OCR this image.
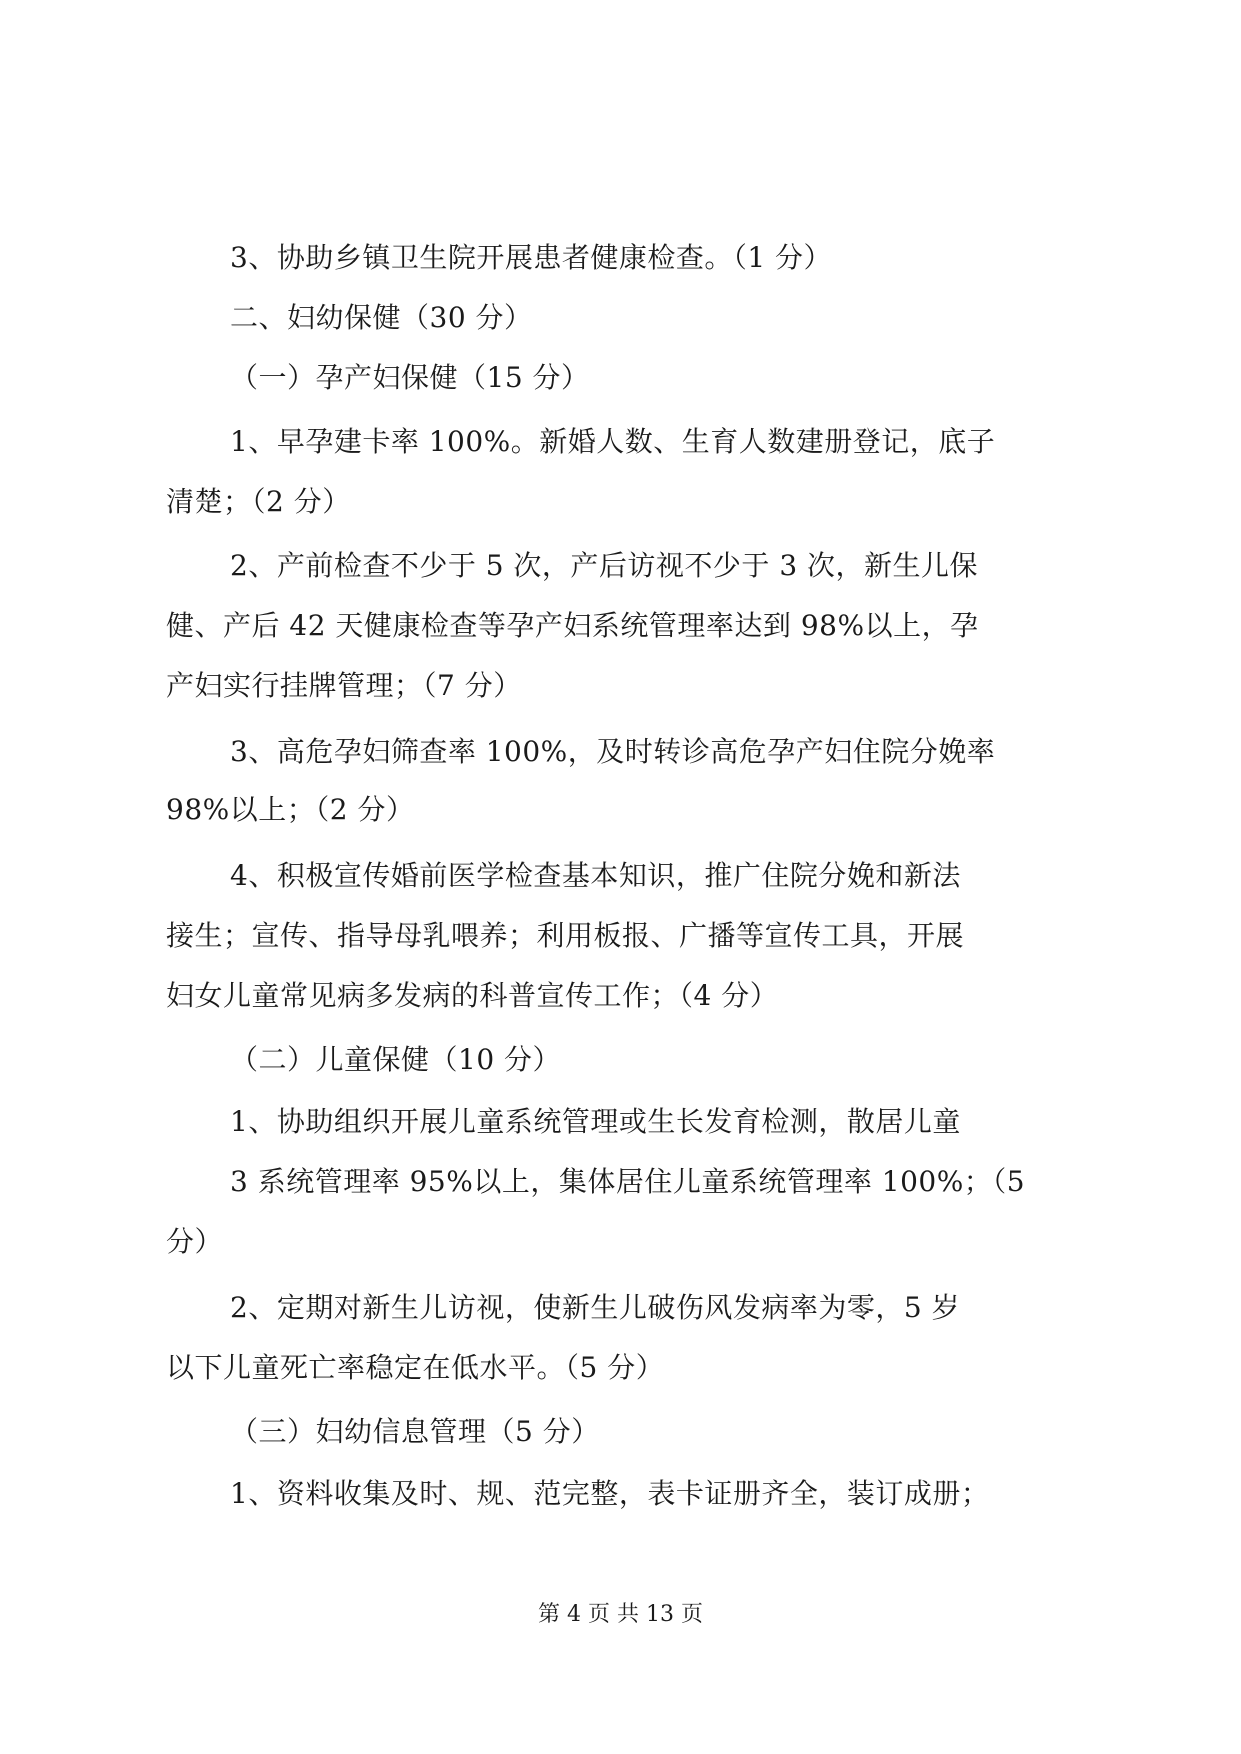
3、协助乡镇卫生院开展患者健康检查。（1 分）
二、妇幼保健（30 分）
（一）孕产妇保健（15 分）
1、早孕建卡率 100%。新婚人数、生育人数建册登记，底子
清楚；（2 分）
2、产前检查不少于 5 次，产后访视不少于 3 次，新生儿保
健、产后 42 天健康检查等孕产妇系统管理率达到 98%以上，孕
产妇实行挂牌管理；（7 分）
3、高危孕妇筛查率 100%，及时转诊高危孕产妇住院分娩率
98%以上；（2 分）
4、积极宣传婚前医学检查基本知识，推广住院分娩和新法
接生；宣传、指导母乳喂养；利用板报、广播等宣传工具，开展
妇女儿童常见病多发病的科普宣传工作；（4 分）
（二）儿童保健（10 分）
1、协助组织开展儿童系统管理或生长发育检测，散居儿童
3 系统管理率 95%以上，集体居住儿童系统管理率 100%；（5
分）
2、定期对新生儿访视，使新生儿破伤风发病率为零，5 岁
以下儿童死亡率稳定在低水平。（5 分）
（三）妇幼信息管理（5 分）
1、资料收集及时、规、范完整，表卡证册齐全，装订成册；
第 4 页 共 13 页
